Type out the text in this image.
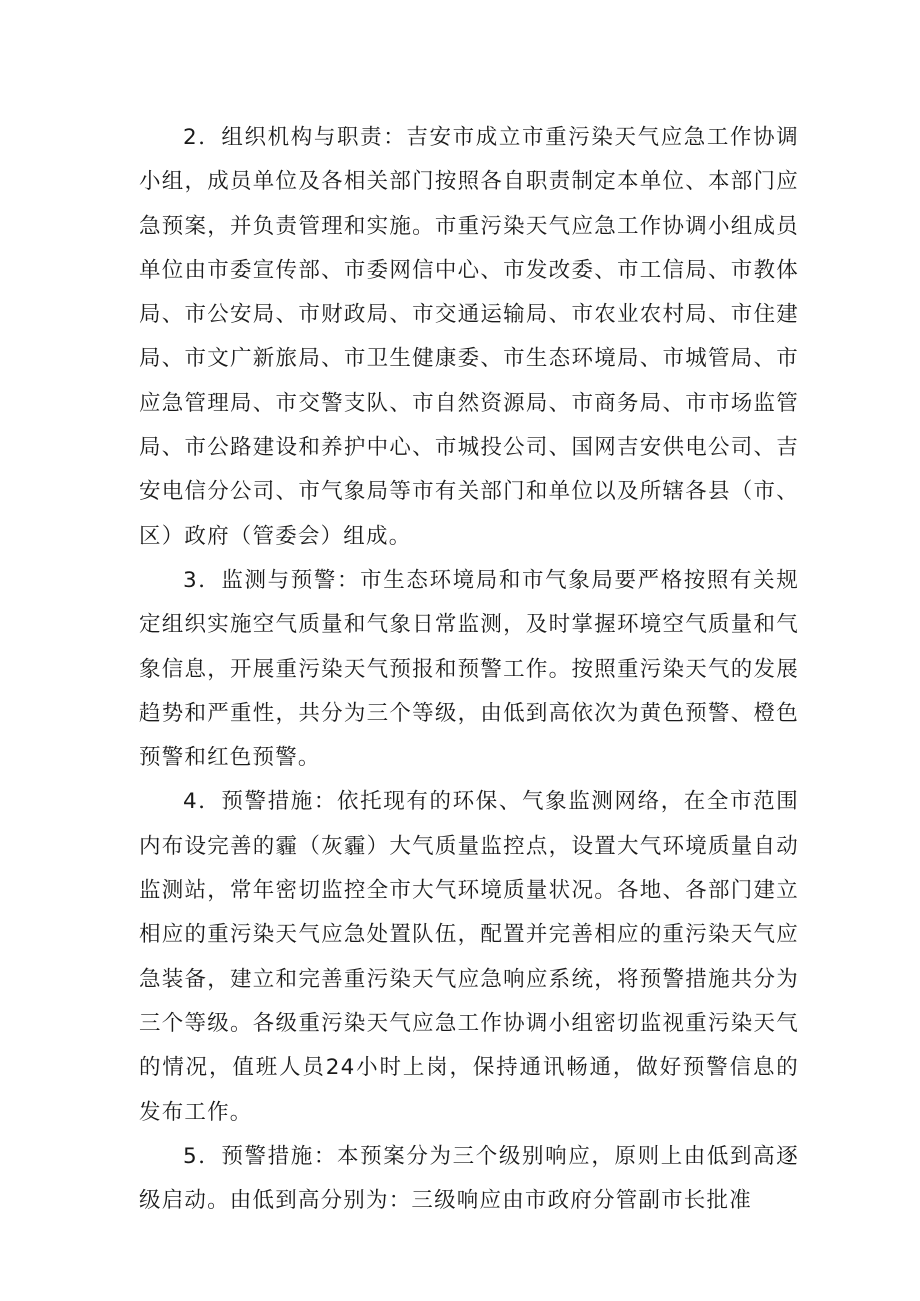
2．组织机构与职责：吉安市成立市重污染天气应急工作协调小组，成员单位及各相关部门按照各自职责制定本单位、本部门应急预案，并负责管理和实施。市重污染天气应急工作协调小组成员单位由市委宣传部、市委网信中心、市发改委、市工信局、市教体局、市公安局、市财政局、市交通运输局、市农业农村局、市住建局、市文广新旅局、市卫生健康委、市生态环境局、市城管局、市应急管理局、市交警支队、市自然资源局、市商务局、市市场监管局、市公路建设和养护中心、市城投公司、国网吉安供电公司、吉安电信分公司、市气象局等市有关部门和单位以及所辖各县（市、区）政府（管委会）组成。

3．监测与预警：市生态环境局和市气象局要严格按照有关规定组织实施空气质量和气象日常监测，及时掌握环境空气质量和气象信息，开展重污染天气预报和预警工作。按照重污染天气的发展趋势和严重性，共分为三个等级，由低到高依次为黄色预警、橙色预警和红色预警。

4．预警措施：依托现有的环保、气象监测网络，在全市范围内布设完善的霾（灰霾）大气质量监控点，设置大气环境质量自动监测站，常年密切监控全市大气环境质量状况。各地、各部门建立相应的重污染天气应急处置队伍，配置并完善相应的重污染天气应急装备，建立和完善重污染天气应急响应系统，将预警措施共分为三个等级。各级重污染天气应急工作协调小组密切监视重污染天气的情况，值班人员24小时上岗，保持通讯畅通，做好预警信息的发布工作。

5．预警措施：本预案分为三个级别响应，原则上由低到高逐级启动。由低到高分别为：三级响应由市政府分管副市长批准
